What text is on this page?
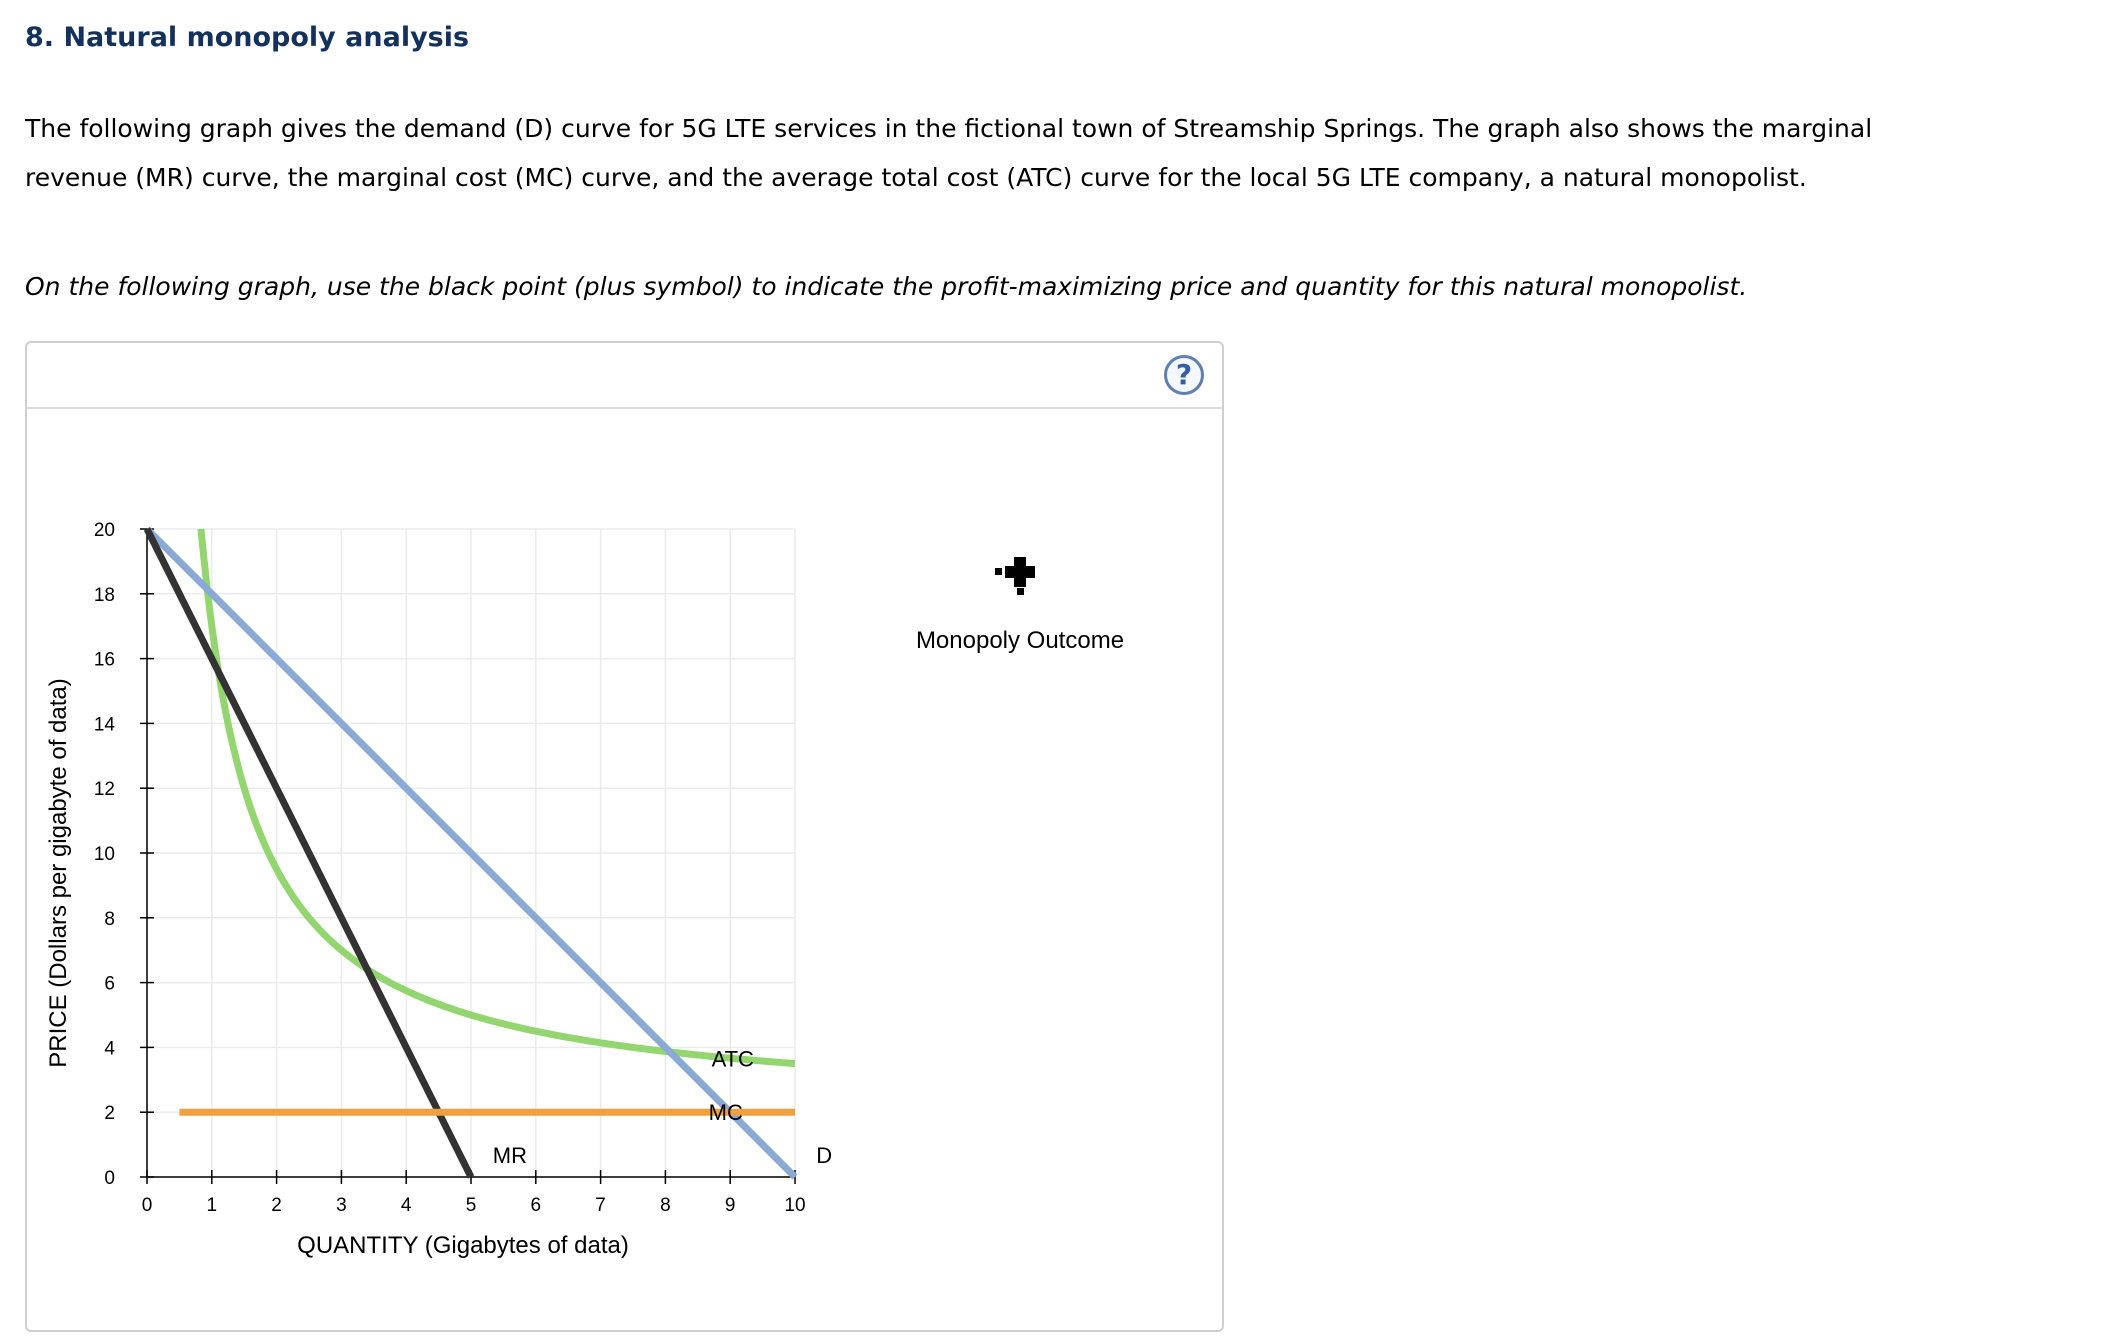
8. Natural monopoly analysis
The following graph gives the demand (D) curve for 5G LTE services in the fictional town of Streamship Springs. The graph also shows the marginal revenue (MR) curve, the marginal cost (MC) curve, and the average total cost (ATC) curve for the local 5G LTE company, a natural monopolist.
On the following graph, use the black point (plus symbol) to indicate the profit-maximizing price and quantity for this natural monopolist.
?
0	1	2	3	4	5	6	7	8	9	10
0
2
4
6
8
10
12
14
16
18
20
QUANTITY (Gigabytes of data)
PRICE (Dollars per gigabyte of data)	ATC
MC
MR	D
Monopoly Outcome
